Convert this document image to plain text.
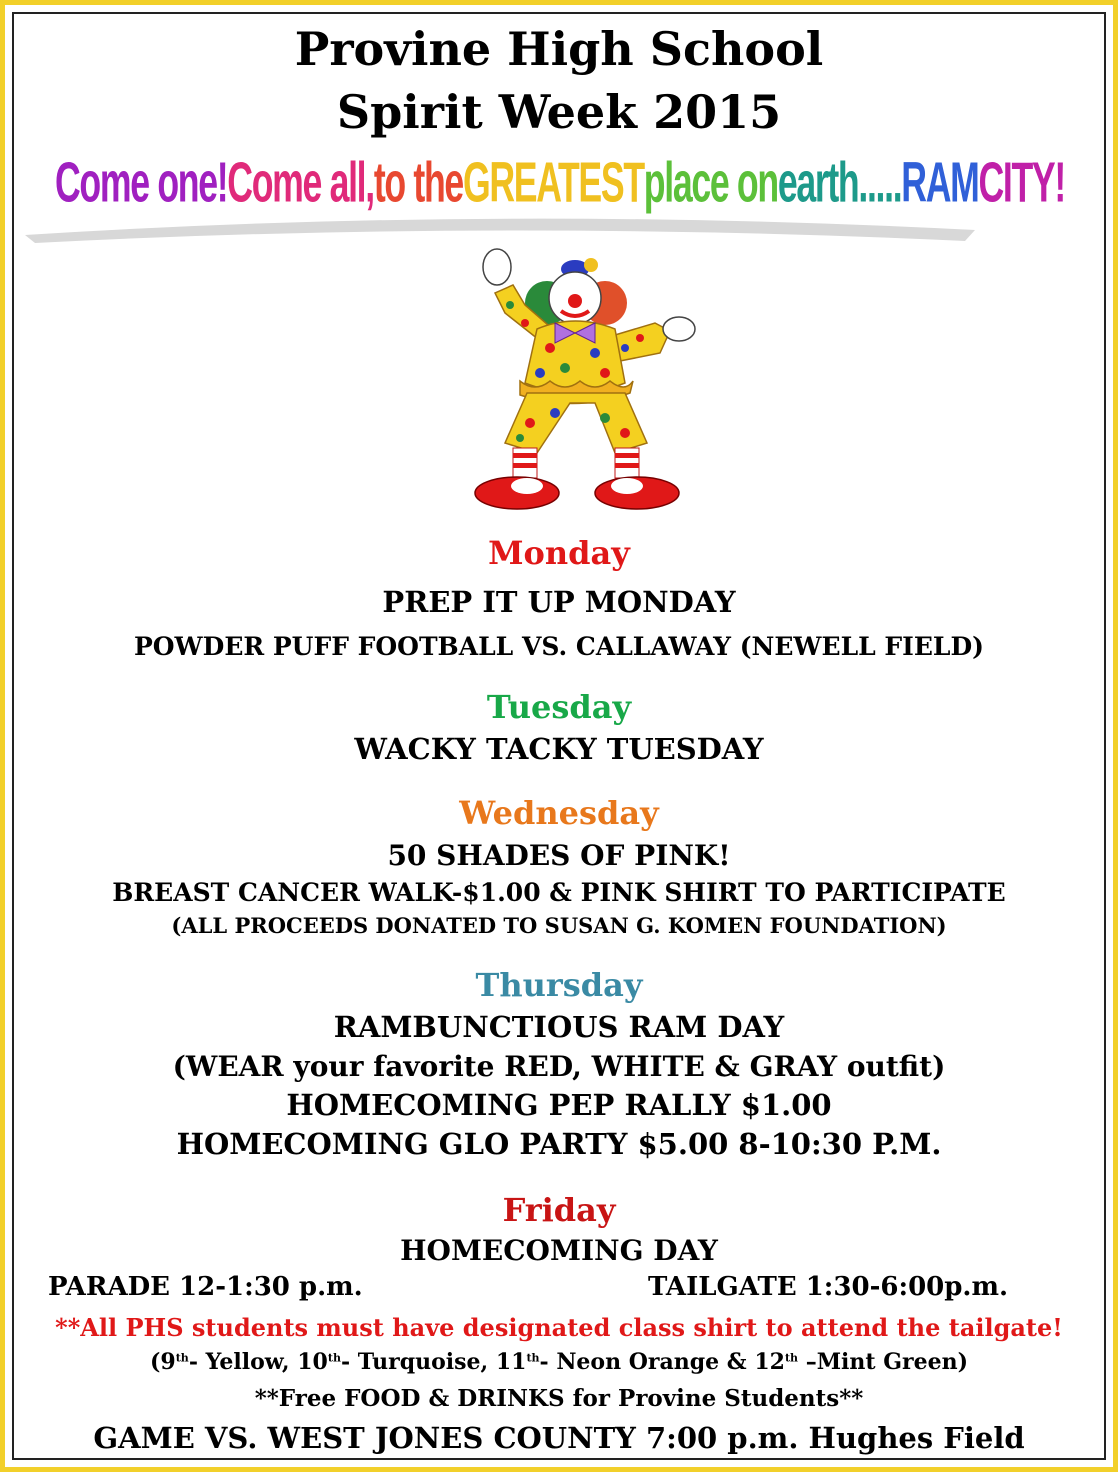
Provine High School
Spirit Week 2015
Come one!Come all,to theGREATESTplace onearth.....RAMCITY!
Monday
PREP IT UP MONDAY
POWDER PUFF FOOTBALL VS. CALLAWAY (NEWELL FIELD)
Tuesday
WACKY TACKY TUESDAY
Wednesday
50 SHADES OF PINK!
BREAST CANCER WALK-$1.00 & PINK SHIRT TO PARTICIPATE
(ALL PROCEEDS DONATED TO SUSAN G. KOMEN FOUNDATION)
Thursday
RAMBUNCTIOUS RAM DAY
(WEAR your favorite RED, WHITE & GRAY outfit)
HOMECOMING PEP RALLY $1.00
HOMECOMING GLO PARTY $5.00 8-10:30 P.M.
Friday
HOMECOMING DAY
PARADE 12-1:30 p.m.	TAILGATE 1:30-6:00p.m.
**All PHS students must have designated class shirt to attend the tailgate!
(9th- Yellow, 10th- Turquoise, 11th- Neon Orange & 12th –Mint Green)
**Free FOOD & DRINKS for Provine Students**
GAME VS. WEST JONES COUNTY 7:00 p.m. Hughes Field
